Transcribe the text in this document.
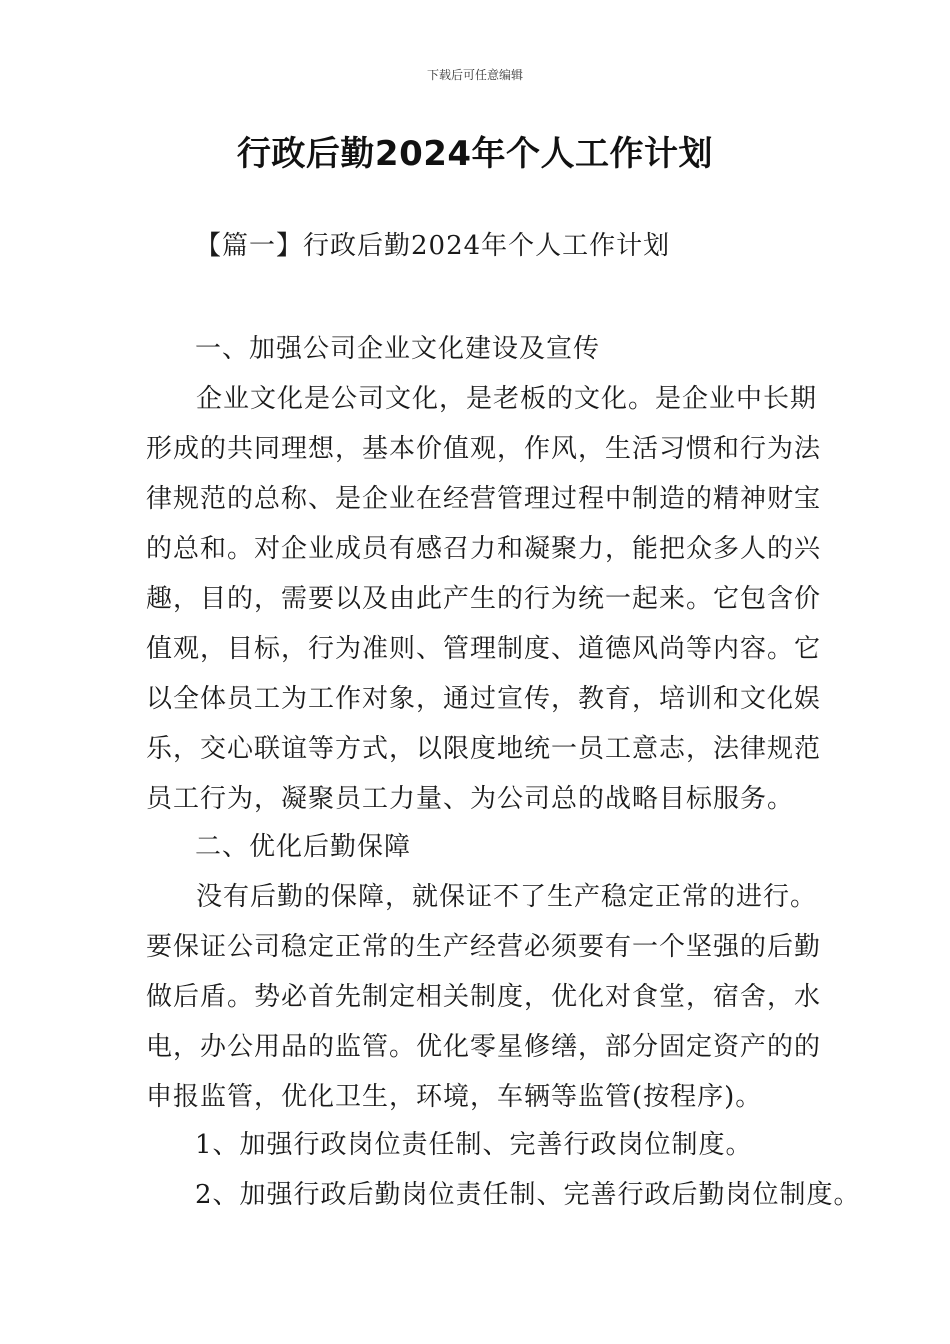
下载后可任意编辑
行政后勤2024年个人工作计划
【篇一】行政后勤2024年个人工作计划
一、加强公司企业文化建设及宣传
企业文化是公司文化，是老板的文化。是企业中长期
形成的共同理想，基本价值观，作风，生活习惯和行为法
律规范的总称、是企业在经营管理过程中制造的精神财宝
的总和。对企业成员有感召力和凝聚力，能把众多人的兴
趣，目的，需要以及由此产生的行为统一起来。它包含价
值观，目标，行为准则、管理制度、道德风尚等内容。它
以全体员工为工作对象，通过宣传，教育，培训和文化娱
乐，交心联谊等方式，以限度地统一员工意志，法律规范
员工行为，凝聚员工力量、为公司总的战略目标服务。
二、优化后勤保障
没有后勤的保障，就保证不了生产稳定正常的进行。
要保证公司稳定正常的生产经营必须要有一个坚强的后勤
做后盾。势必首先制定相关制度，优化对食堂，宿舍，水
电，办公用品的监管。优化零星修缮，部分固定资产的的
申报监管，优化卫生，环境，车辆等监管(按程序)。
1、加强行政岗位责任制、完善行政岗位制度。
2、加强行政后勤岗位责任制、完善行政后勤岗位制度。
